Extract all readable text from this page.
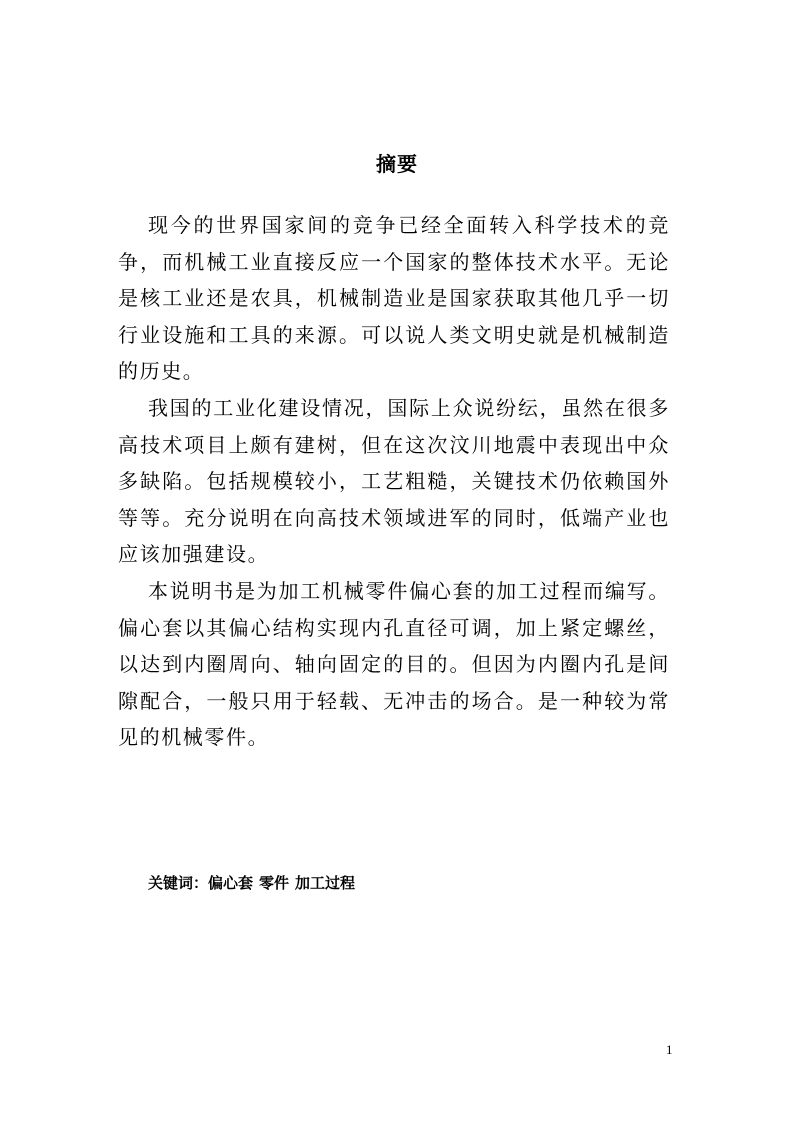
摘要

现今的世界国家间的竞争已经全面转入科学技术的竞争，而机械工业直接反应一个国家的整体技术水平。无论是核工业还是农具，机械制造业是国家获取其他几乎一切行业设施和工具的来源。可以说人类文明史就是机械制造的历史。

我国的工业化建设情况，国际上众说纷纭，虽然在很多高技术项目上颇有建树，但在这次汶川地震中表现出中众多缺陷。包括规模较小，工艺粗糙，关键技术仍依赖国外等等。充分说明在向高技术领域进军的同时，低端产业也应该加强建设。

本说明书是为加工机械零件偏心套的加工过程而编写。偏心套以其偏心结构实现内孔直径可调，加上紧定螺丝，以达到内圈周向、轴向固定的目的。但因为内圈内孔是间隙配合，一般只用于轻载、无冲击的场合。是一种较为常见的机械零件。

关键词：偏心套 零件 加工过程
1
